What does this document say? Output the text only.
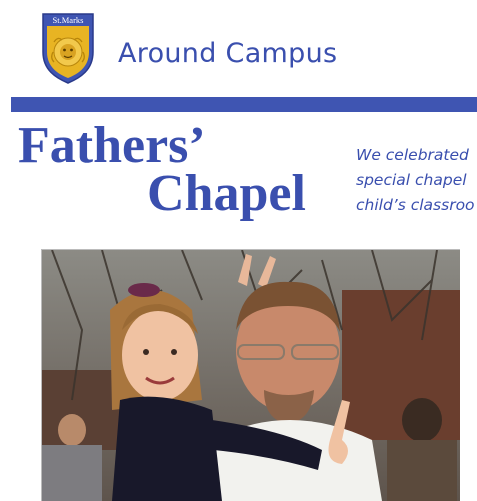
St.Marks
Around Campus
Fathers’
Chapel
We celebrated
special chapel
child’s classroo
